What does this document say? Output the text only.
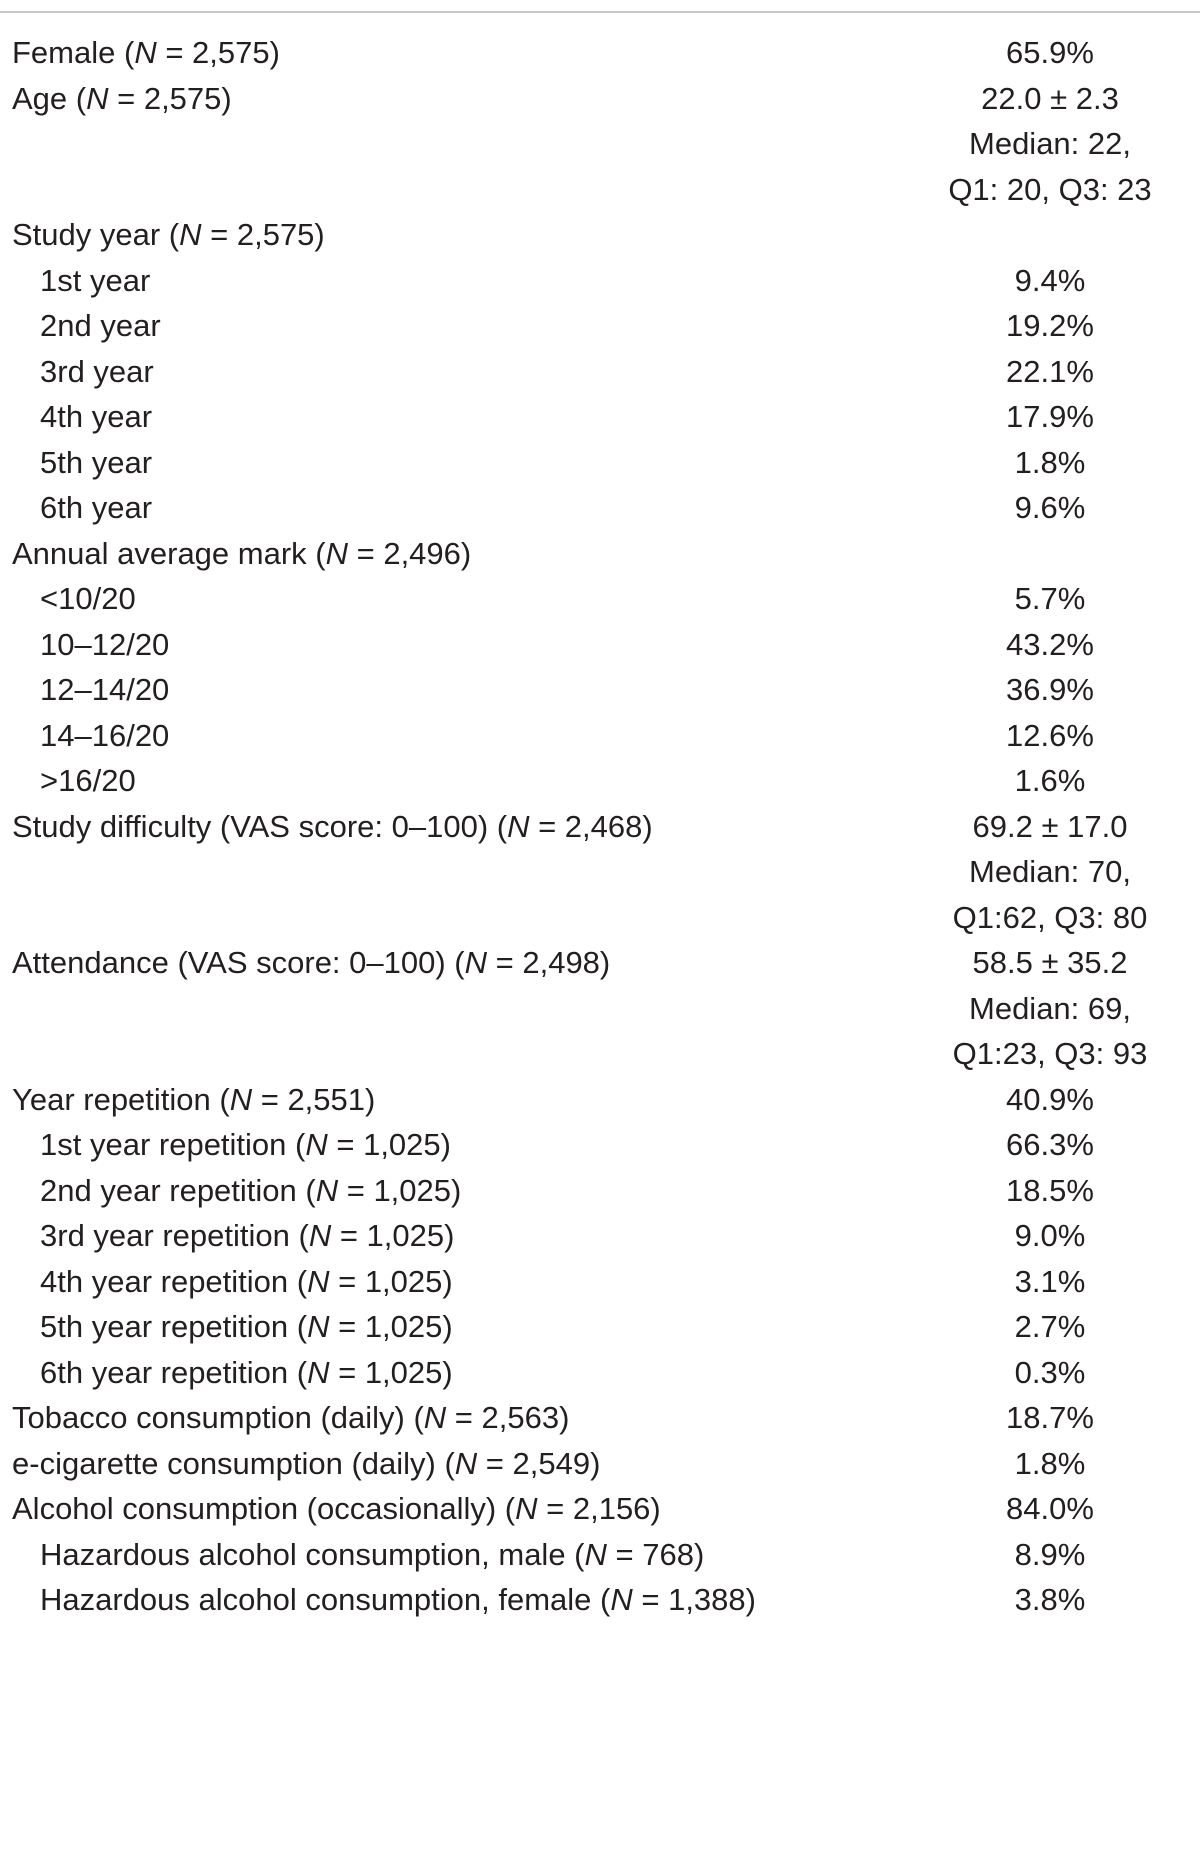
Female (N = 2,575)	65.9%

Age (N = 2,575)	22.0 ± 2.3
Median: 22,
Q1: 20, Q3: 23

Study year (N = 2,575)	

1st year	9.4%

2nd year	19.2%

3rd year	22.1%

4th year	17.9%

5th year	1.8%

6th year	9.6%

Annual average mark (N = 2,496)	

<10/20	5.7%

10–12/20	43.2%

12–14/20	36.9%

14–16/20	12.6%

>16/20	1.6%

Study difficulty (VAS score: 0–100) (N = 2,468)	69.2 ± 17.0
Median: 70,
Q1:62, Q3: 80

Attendance (VAS score: 0–100) (N = 2,498)	58.5 ± 35.2
Median: 69,
Q1:23, Q3: 93

Year repetition (N = 2,551)	40.9%

1st year repetition (N = 1,025)	66.3%

2nd year repetition (N = 1,025)	18.5%

3rd year repetition (N = 1,025)	9.0%

4th year repetition (N = 1,025)	3.1%

5th year repetition (N = 1,025)	2.7%

6th year repetition (N = 1,025)	0.3%

Tobacco consumption (daily) (N = 2,563)	18.7%

e-cigarette consumption (daily) (N = 2,549)	1.8%

Alcohol consumption (occasionally) (N = 2,156)	84.0%

Hazardous alcohol consumption, male (N = 768)	8.9%

Hazardous alcohol consumption, female (N = 1,388)	3.8%
